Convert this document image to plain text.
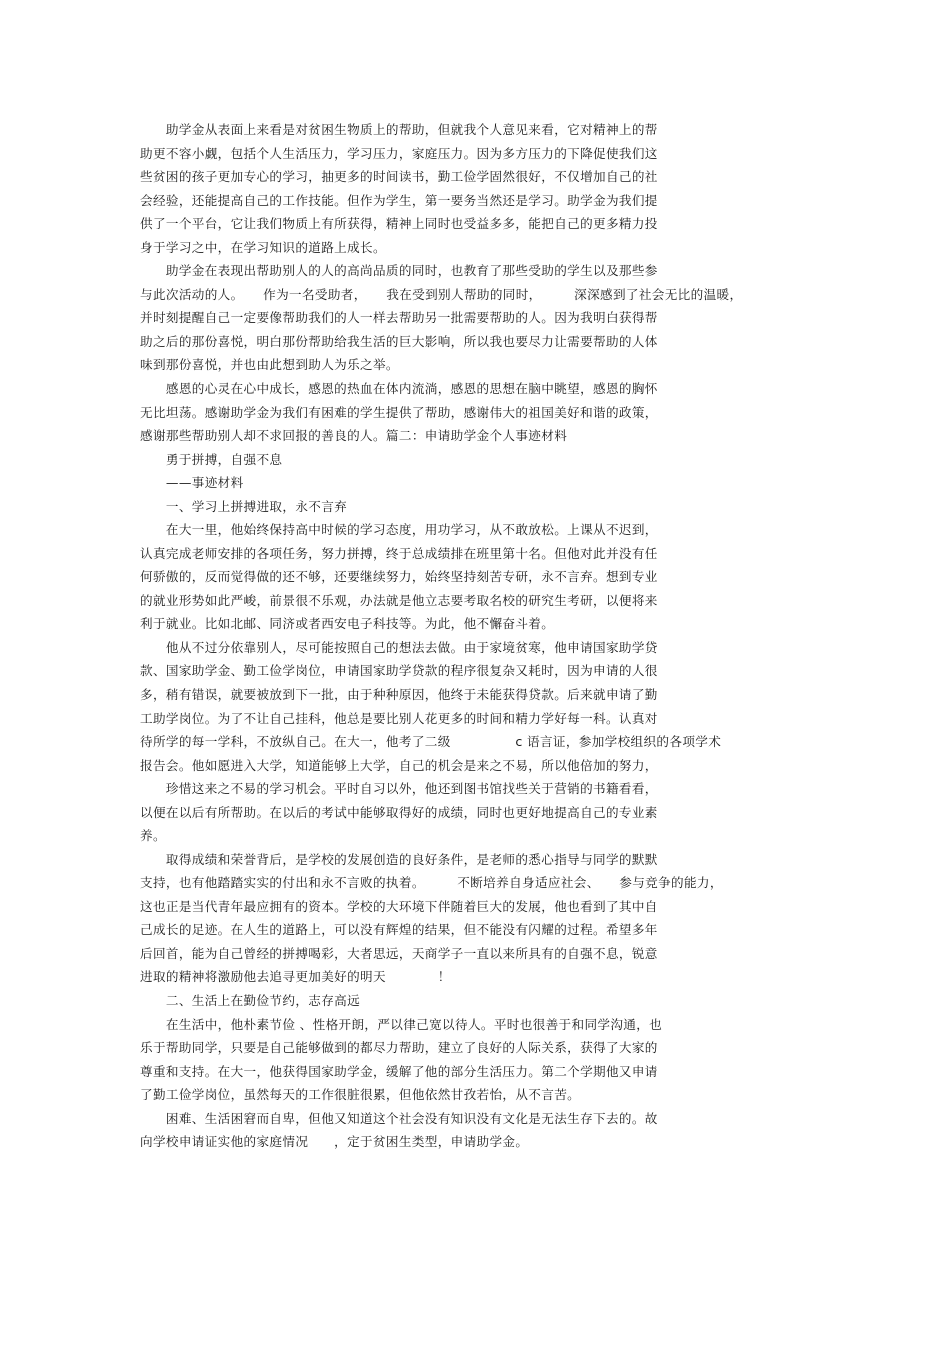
　　助学金从表面上来看是对贫困生物质上的帮助，但就我个人意见来看，它对精神上的帮
助更不容小觑，包括个人生活压力，学习压力，家庭压力。因为多方压力的下降促使我们这
些贫困的孩子更加专心的学习，抽更多的时间读书，勤工俭学固然很好，不仅增加自己的社
会经验，还能提高自己的工作技能。但作为学生，第一要务当然还是学习。助学金为我们提
供了一个平台，它让我们物质上有所获得，精神上同时也受益多多，能把自己的更多精力投
身于学习之中，在学习知识的道路上成长。
　　助学金在表现出帮助别人的人的高尚品质的同时，也教育了那些受助的学生以及那些参
与此次活动的人。　　作为一名受助者，　　我在受到别人帮助的同时，　　　深深感到了社会无比的温暖，
并时刻提醒自己一定要像帮助我们的人一样去帮助另一批需要帮助的人。因为我明白获得帮
助之后的那份喜悦，明白那份帮助给我生活的巨大影响，所以我也要尽力让需要帮助的人体
味到那份喜悦，并也由此想到助人为乐之举。
　　感恩的心灵在心中成长，感恩的热血在体内流淌，感恩的思想在脑中眺望，感恩的胸怀
无比坦荡。感谢助学金为我们有困难的学生提供了帮助，感谢伟大的祖国美好和谐的政策，
感谢那些帮助别人却不求回报的善良的人。篇二：申请助学金个人事迹材料
　　勇于拼搏，自强不息
　　——事迹材料
　　一、学习上拼搏进取，永不言弃
　　在大一里，他始终保持高中时候的学习态度，用功学习，从不敢放松。上课从不迟到，
认真完成老师安排的各项任务，努力拼搏，终于总成绩排在班里第十名。但他对此并没有任
何骄傲的，反而觉得做的还不够，还要继续努力，始终坚持刻苦专研，永不言弃。想到专业
的就业形势如此严峻，前景很不乐观，办法就是他立志要考取名校的研究生考研，以便将来
利于就业。比如北邮、同济或者西安电子科技等。为此，他不懈奋斗着。
　　他从不过分依靠别人，尽可能按照自己的想法去做。由于家境贫寒，他申请国家助学贷
款、国家助学金、勤工俭学岗位，申请国家助学贷款的程序很复杂又耗时，因为申请的人很
多，稍有错误，就要被放到下一批，由于种种原因，他终于未能获得贷款。后来就申请了勤
工助学岗位。为了不让自己挂科，他总是要比别人花更多的时间和精力学好每一科。认真对
待所学的每一学科，不放纵自己。在大一，他考了二级　　　　　c 语言证，参加学校组织的各项学术
报告会。他如愿进入大学，知道能够上大学，自己的机会是来之不易，所以他倍加的努力，
　　珍惜这来之不易的学习机会。平时自习以外，他还到图书馆找些关于营销的书籍看看，
以便在以后有所帮助。在以后的考试中能够取得好的成绩，同时也更好地提高自己的专业素
养。
　　取得成绩和荣誉背后，是学校的发展创造的良好条件，是老师的悉心指导与同学的默默
支持，也有他踏踏实实的付出和永不言败的执着。　　　不断培养自身适应社会、　　参与竞争的能力，
这也正是当代青年最应拥有的资本。学校的大环境下伴随着巨大的发展，他也看到了其中自
己成长的足迹。在人生的道路上，可以没有辉煌的结果，但不能没有闪耀的过程。希望多年
后回首，能为自己曾经的拼搏喝彩，大者思远，天商学子一直以来所具有的自强不息，锐意
进取的精神将激励他去追寻更加美好的明天　　　　！
　　二、生活上在勤俭节约，志存高远
　　在生活中，他朴素节俭 、性格开朗，严以律己宽以待人。平时也很善于和同学沟通，也
乐于帮助同学，只要是自己能够做到的都尽力帮助，建立了良好的人际关系，获得了大家的
尊重和支持。在大一，他获得国家助学金，缓解了他的部分生活压力。第二个学期他又申请
了勤工俭学岗位，虽然每天的工作很脏很累，但他依然甘孜若怡，从不言苦。
　　困难、生活困窘而自卑，但他又知道这个社会没有知识没有文化是无法生存下去的。故
向学校申请证实他的家庭情况　　，定于贫困生类型，申请助学金。
